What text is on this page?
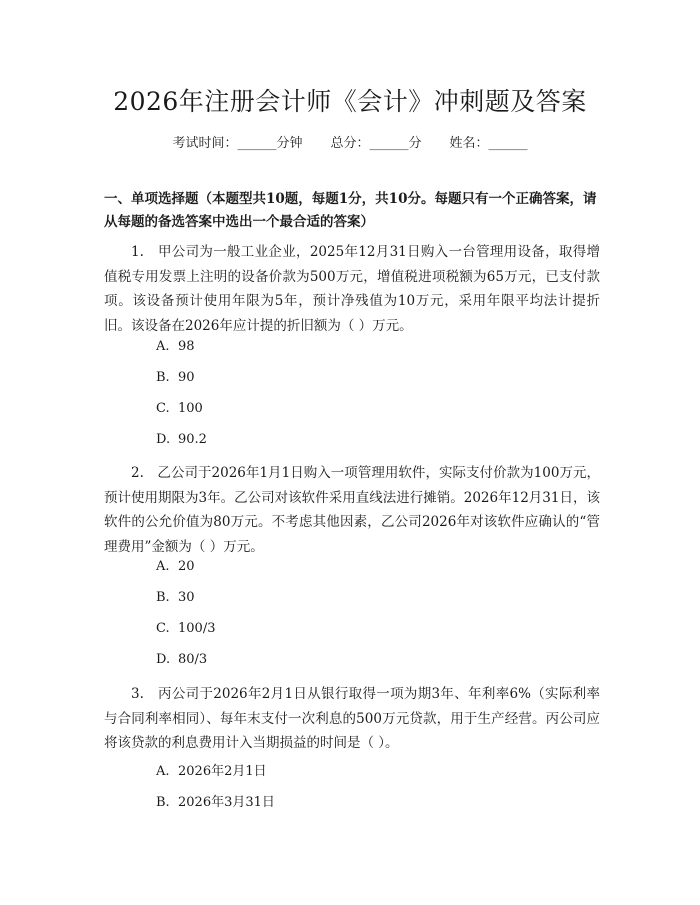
2026年注册会计师《会计》冲刺题及答案
考试时间：______分钟 总分：______分 姓名：______
一、单项选择题（本题型共10题，每题1分，共10分。每题只有一个正确答案，请从每题的备选答案中选出一个最合适的答案）
1.　甲公司为一般工业企业，2025年12月31日购入一台管理用设备，取得增值税专用发票上注明的设备价款为500万元，增值税进项税额为65万元，已支付款项。该设备预计使用年限为5年，预计净残值为10万元，采用年限平均法计提折旧。该设备在2026年应计提的折旧额为（ ）万元。
A. 98
B. 90
C. 100
D. 90.2
2.　乙公司于2026年1月1日购入一项管理用软件，实际支付价款为100万元，预计使用期限为3年。乙公司对该软件采用直线法进行摊销。2026年12月31日，该软件的公允价值为80万元。不考虑其他因素，乙公司2026年对该软件应确认的“管理费用”金额为（ ）万元。
A. 20
B. 30
C. 100/3
D. 80/3
3.　丙公司于2026年2月1日从银行取得一项为期3年、年利率6%（实际利率与合同利率相同）、每年末支付一次利息的500万元贷款，用于生产经营。丙公司应将该贷款的利息费用计入当期损益的时间是（ ）。
A. 2026年2月1日
B. 2026年3月31日
